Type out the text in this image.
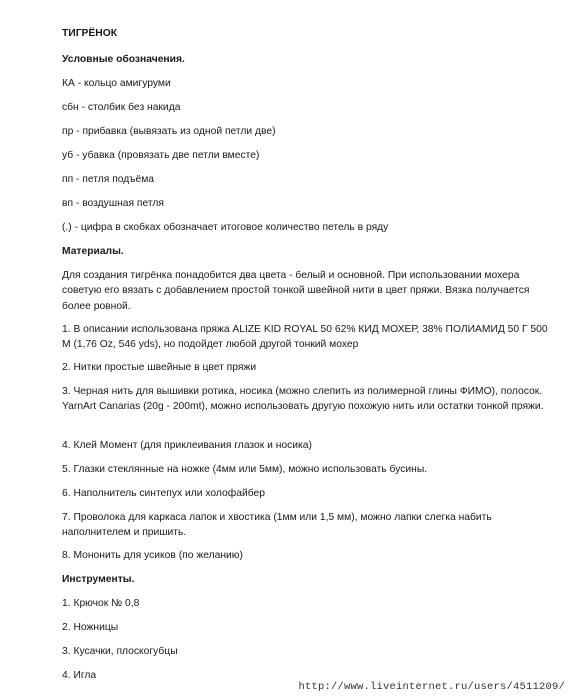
ТИГРЁНОК

Условные обозначения.

КА - кольцо амигуруми

сбн - столбик без накида

пр - прибавка (вывязать из одной петли две)

уб - убавка (провязать две петли вместе)

пп - петля подъёма

вп - воздушная петля

(.) - цифра в скобках обозначает итоговое количество петель в ряду

Материалы.

Для создания тигрёнка понадобится два цвета - белый и основной. При использовании мохера советую его вязать с добавлением простой тонкой швейной нити в цвет пряжи. Вязка получается более ровной.

1. В описании использована пряжа ALIZE KID ROYAL 50 62% КИД МОХЕР, 38% ПОЛИАМИД 50 Г 500 М (1,76 Oz, 546 yds), но подойдет любой другой тонкий мохер

2. Нитки простые швейные в цвет пряжи

3. Черная нить для вышивки ротика, носика (можно слепить из полимерной глины ФИМО), полосок. YarnArt Canarias (20g - 200mt), можно использовать другую похожую нить или остатки тонкой пряжи.

4. Клей Момент (для приклеивания глазок и носика)

5. Глазки стеклянные на ножке (4мм или 5мм), можно использовать бусины.

6. Наполнитель синтепух или холофайбер

7. Проволока для каркаса лапок и хвостика (1мм или 1,5 мм), можно лапки слегка набить наполнителем и пришить.

8. Мононить для усиков (по желанию)

Инструменты.

1. Крючок № 0,8

2. Ножницы

3. Кусачки, плоскогубцы

4. Игла

http://www.liveinternet.ru/users/4511209/
